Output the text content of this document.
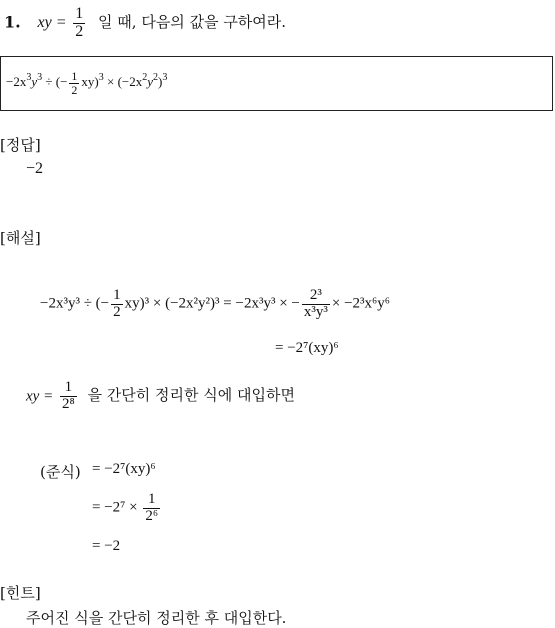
1. xy = $\frac{1}{2}$ 일 때, 다음의 값을 구하여라.
$-2x^3y^3$ ÷ (− $\frac{1}{2} xy)^3 \times (-2x^2y^2)^3$
[정답]
−2
[해설]
−2x³y³ ÷ (− $\frac{1}{2} xy)^3 \times (-2x^2y^2)^3 = -2x^3y^3$ × − $\frac{\text{2³}}{\text{x³y³}} \times -2^3x^6y^6$
= −2⁷(xy)⁶
xy = $\frac{1}{\text{2⁸}}$ 을 간단히 정리한 식에 대입하면
(준식) = −2⁷(xy)⁶
= $-2^7 \times \frac{1}{\text{2⁶}}$
= −2
[힌트]
주어진 식을 간단히 정리한 후 대입한다.
